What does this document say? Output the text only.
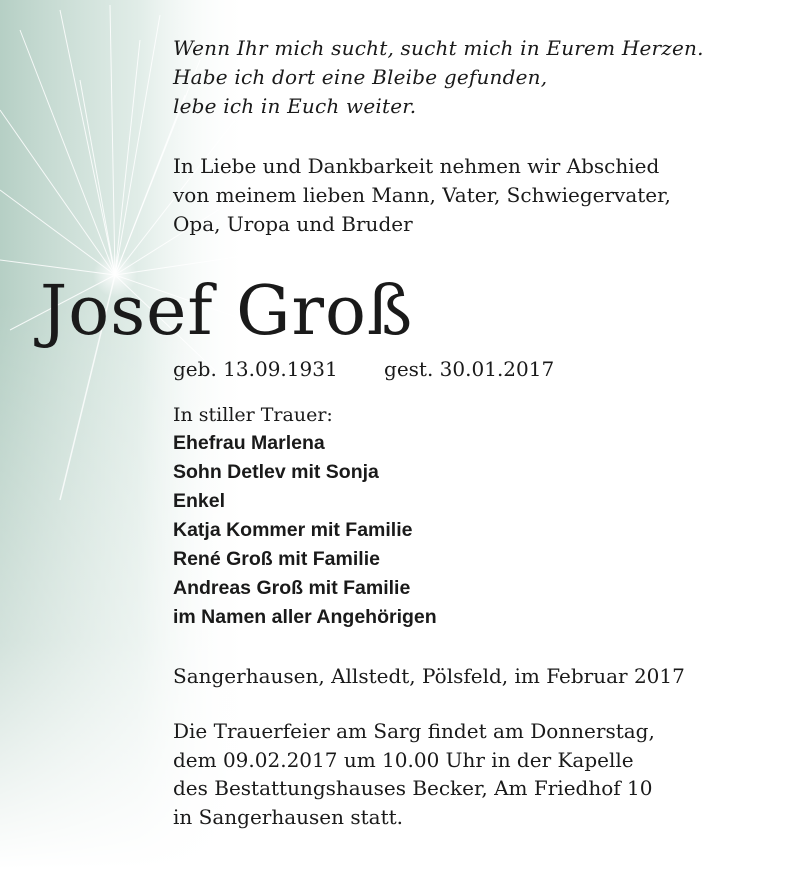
Wenn Ihr mich sucht, sucht mich in Eurem Herzen.
Habe ich dort eine Bleibe gefunden,
lebe ich in Euch weiter.
In Liebe und Dankbarkeit nehmen wir Abschied
von meinem lieben Mann, Vater, Schwiegervater,
Opa, Uropa und Bruder
Josef Groß
geb. 13.09.1931 gest. 30.01.2017
In stiller Trauer:
Ehefrau Marlena
Sohn Detlev mit Sonja
Enkel
Katja Kommer mit Familie
René Groß mit Familie
Andreas Groß mit Familie
im Namen aller Angehörigen
Sangerhausen, Allstedt, Pölsfeld, im Februar 2017
Die Trauerfeier am Sarg findet am Donnerstag,
dem 09.02.2017 um 10.00 Uhr in der Kapelle
des Bestattungshauses Becker, Am Friedhof 10
in Sangerhausen statt.
